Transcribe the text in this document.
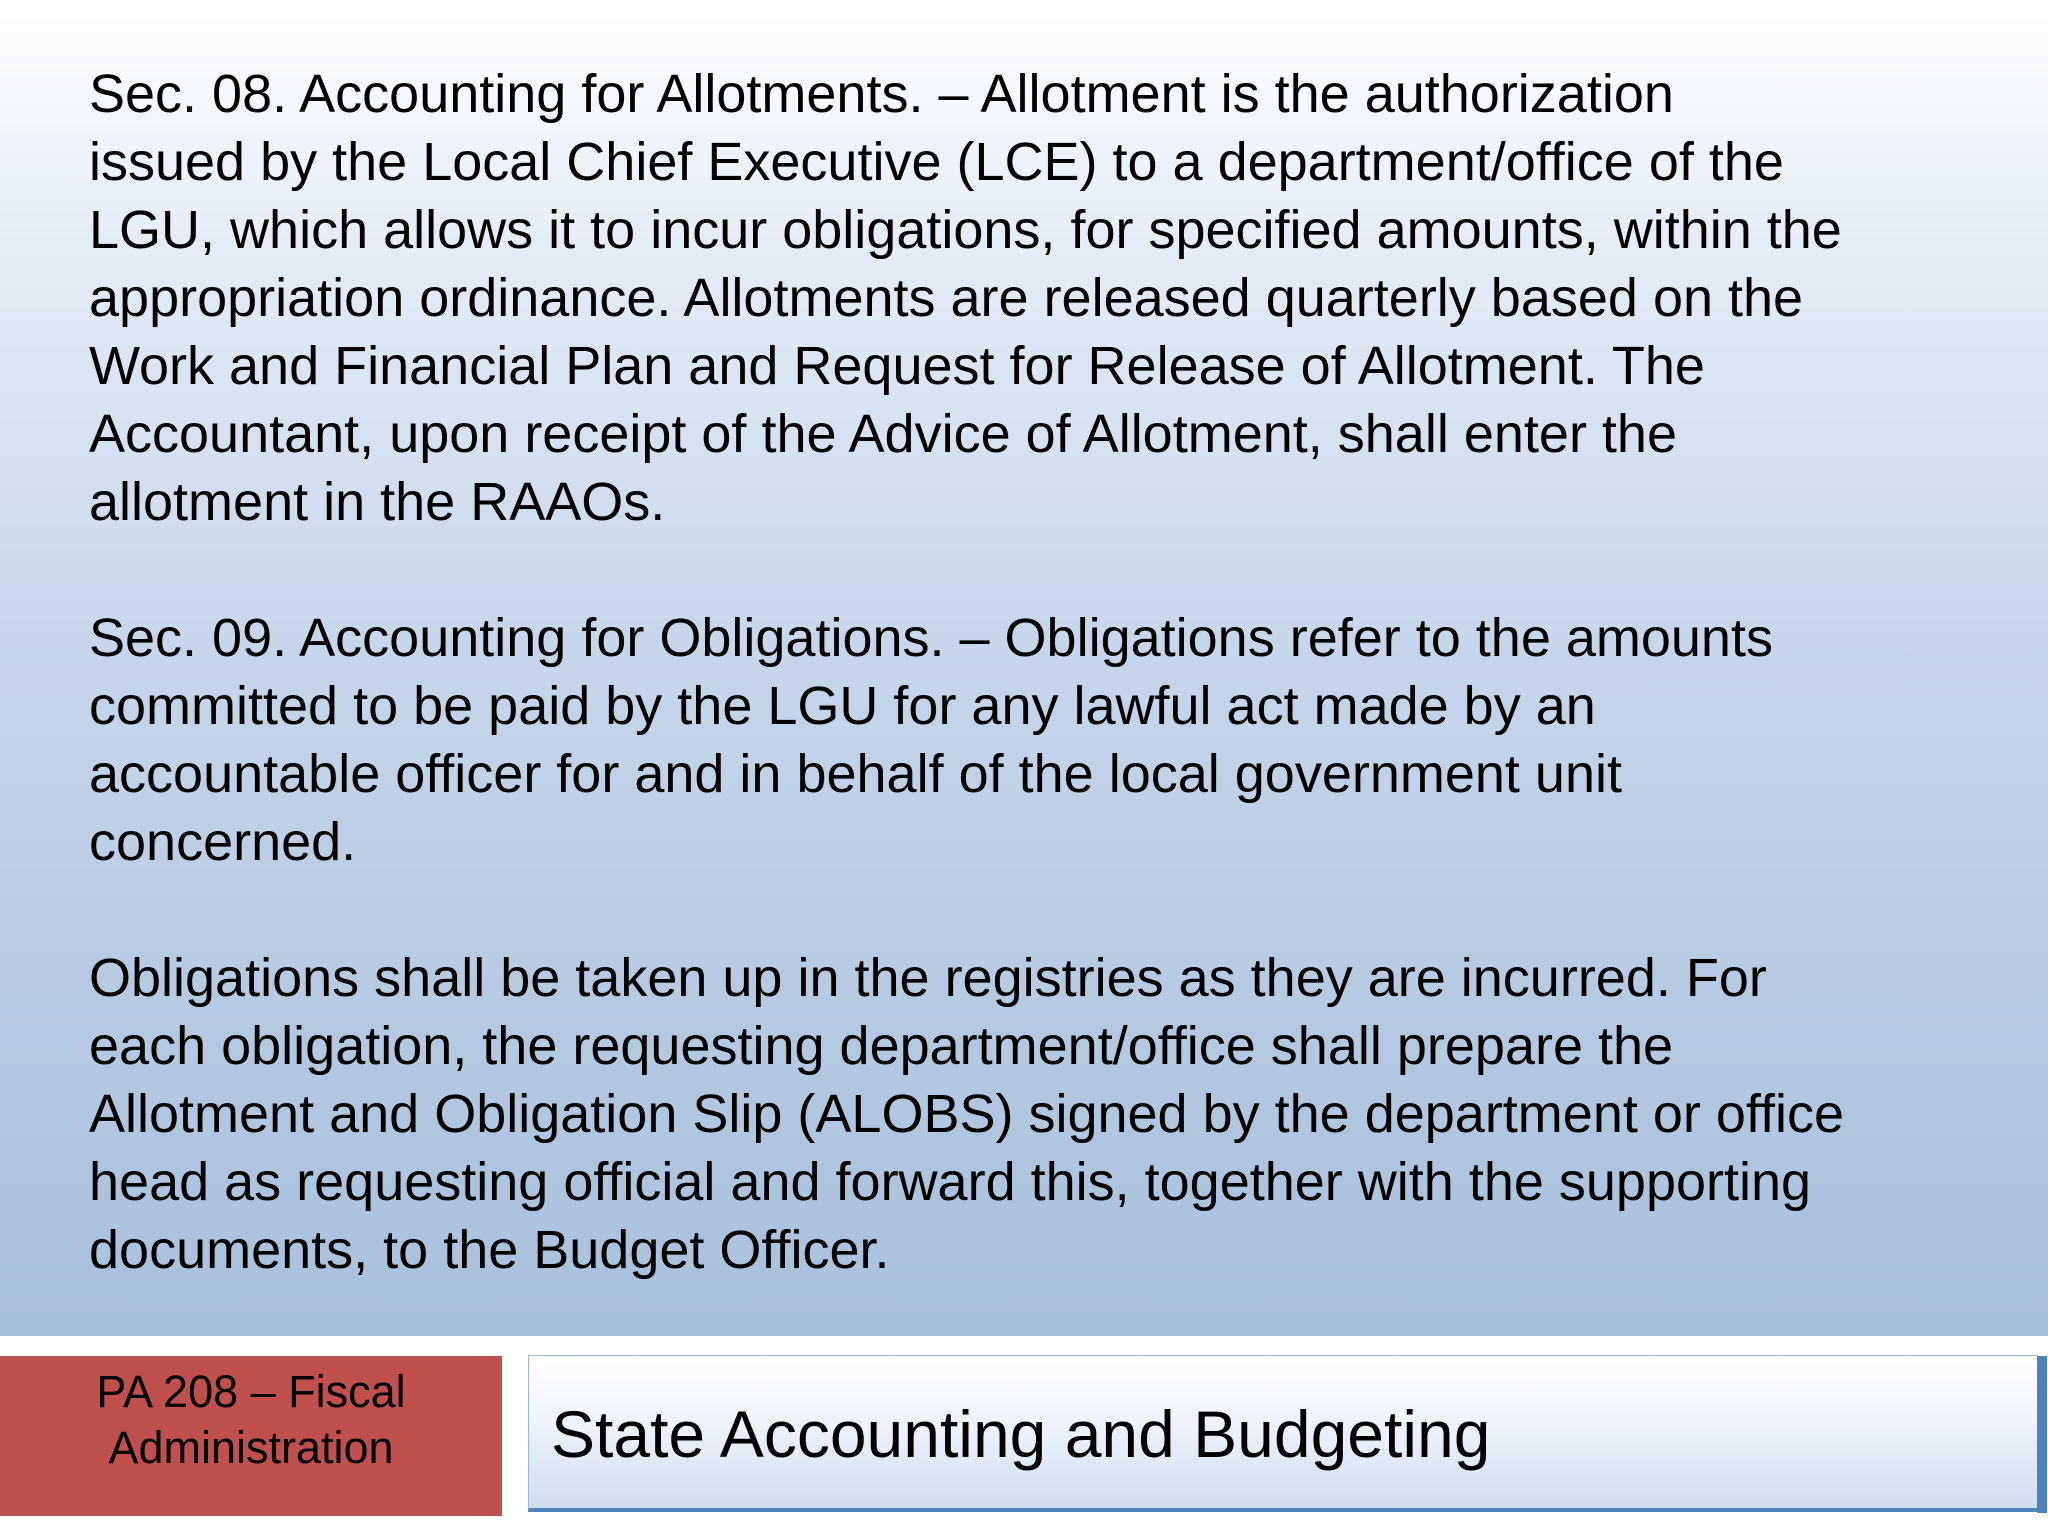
Sec. 08. Accounting for Allotments. – Allotment is the authorization
issued by the Local Chief Executive (LCE) to a department/office of the
LGU, which allows it to incur obligations, for specified amounts, within the
appropriation ordinance. Allotments are released quarterly based on the
Work and Financial Plan and Request for Release of Allotment. The
Accountant, upon receipt of the Advice of Allotment, shall enter the
allotment in the RAAOs.

Sec. 09. Accounting for Obligations. – Obligations refer to the amounts
committed to be paid by the LGU for any lawful act made by an
accountable officer for and in behalf of the local government unit
concerned.

Obligations shall be taken up in the registries as they are incurred. For
each obligation, the requesting department/office shall prepare the
Allotment and Obligation Slip (ALOBS) signed by the department or office
head as requesting official and forward this, together with the supporting
documents, to the Budget Officer.

PA 208 – Fiscal
Administration	State Accounting and Budgeting
